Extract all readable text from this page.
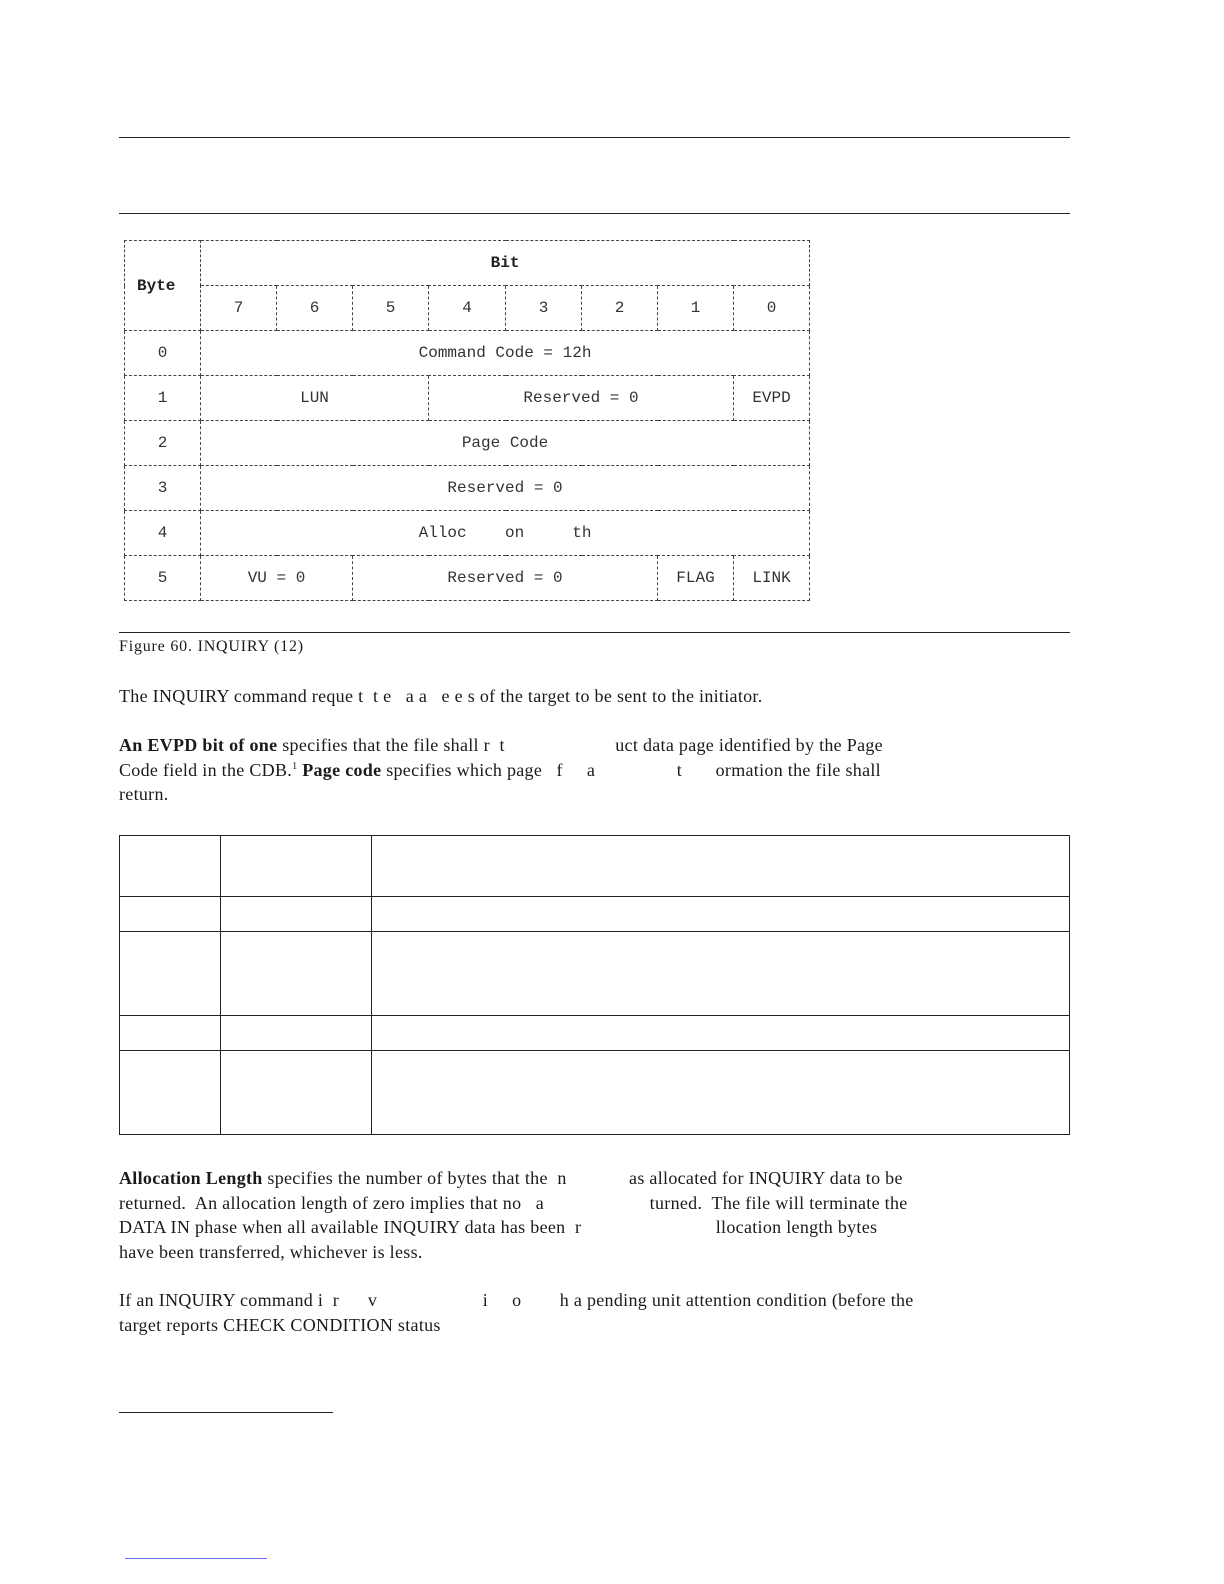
Byte	Bit							
	7	6	5	4	3	2	1	0
0	Command Code = 12h							
1	LUN			Reserved = 0				EVPD
2	Page Code							
3	Reserved = 0							
4	Alloc    on     th							
5	VU = 0		Reserved = 0				FLAG	LINK
Figure 60. INQUIRY (12)
The INQUIRY command reque t  t e   a a   e e s of the target to be sent to the initiator.
An EVPD bit of one specifies that the file shall r  t                       uct data page identified by the Page
Code field in the CDB.$^1$ Page code specifies which page   f     a                 t       ormation the file shall
return.

Allocation Length specifies the number of bytes that the  n             as allocated for INQUIRY data to be
returned.  An allocation length of zero implies that no   a                      turned.  The file will terminate the
DATA IN phase when all available INQUIRY data has been  r                            llocation length bytes
have been transferred, whichever is less.
If an INQUIRY command i  r      v                      i     o        h a pending unit attention condition (before the
target reports CHECK CONDITION status
